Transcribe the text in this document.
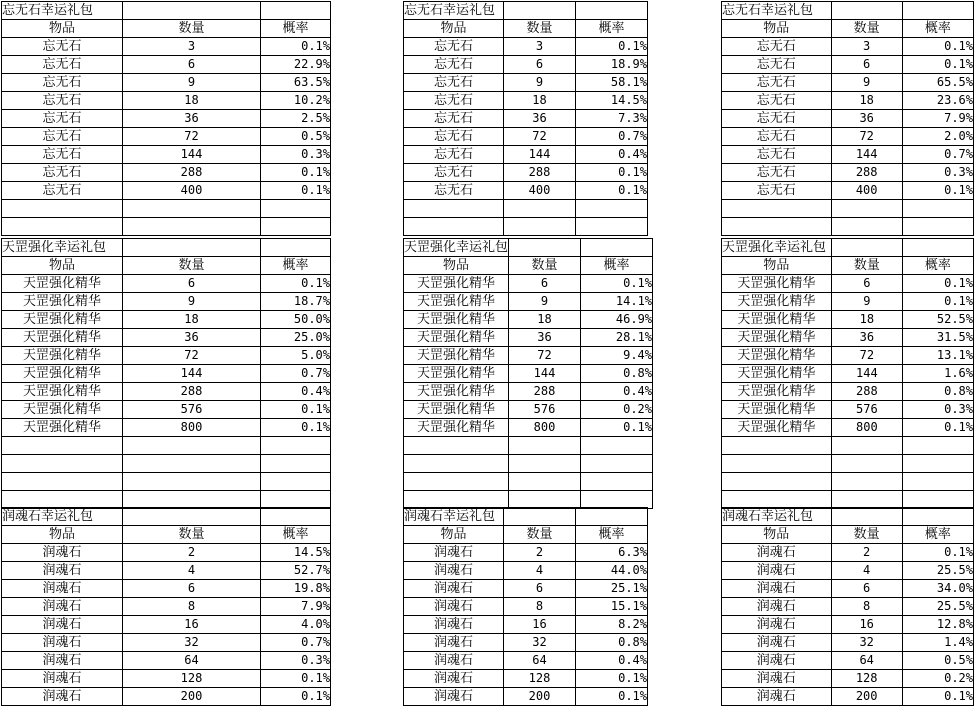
忘无石幸运礼包		
物品	数量	概率
忘无石	3	0.1%
忘无石	6	22.9%
忘无石	9	63.5%
忘无石	18	10.2%
忘无石	36	2.5%
忘无石	72	0.5%
忘无石	144	0.3%
忘无石	288	0.1%
忘无石	400	0.1%

忘无石幸运礼包		
物品	数量	概率
忘无石	3	0.1%
忘无石	6	18.9%
忘无石	9	58.1%
忘无石	18	14.5%
忘无石	36	7.3%
忘无石	72	0.7%
忘无石	144	0.4%
忘无石	288	0.1%
忘无石	400	0.1%

忘无石幸运礼包		
物品	数量	概率
忘无石	3	0.1%
忘无石	6	0.1%
忘无石	9	65.5%
忘无石	18	23.6%
忘无石	36	7.9%
忘无石	72	2.0%
忘无石	144	0.7%
忘无石	288	0.3%
忘无石	400	0.1%

天罡强化幸运礼包		
物品	数量	概率
天罡强化精华	6	0.1%
天罡强化精华	9	18.7%
天罡强化精华	18	50.0%
天罡强化精华	36	25.0%
天罡强化精华	72	5.0%
天罡强化精华	144	0.7%
天罡强化精华	288	0.4%
天罡强化精华	576	0.1%
天罡强化精华	800	0.1%

天罡强化幸运礼包		
物品	数量	概率
天罡强化精华	6	0.1%
天罡强化精华	9	14.1%
天罡强化精华	18	46.9%
天罡强化精华	36	28.1%
天罡强化精华	72	9.4%
天罡强化精华	144	0.8%
天罡强化精华	288	0.4%
天罡强化精华	576	0.2%
天罡强化精华	800	0.1%

天罡强化幸运礼包		
物品	数量	概率
天罡强化精华	6	0.1%
天罡强化精华	9	0.1%
天罡强化精华	18	52.5%
天罡强化精华	36	31.5%
天罡强化精华	72	13.1%
天罡强化精华	144	1.6%
天罡强化精华	288	0.8%
天罡强化精华	576	0.3%
天罡强化精华	800	0.1%

润魂石幸运礼包		
物品	数量	概率
润魂石	2	14.5%
润魂石	4	52.7%
润魂石	6	19.8%
润魂石	8	7.9%
润魂石	16	4.0%
润魂石	32	0.7%
润魂石	64	0.3%
润魂石	128	0.1%
润魂石	200	0.1%
润魂石幸运礼包		
物品	数量	概率
润魂石	2	6.3%
润魂石	4	44.0%
润魂石	6	25.1%
润魂石	8	15.1%
润魂石	16	8.2%
润魂石	32	0.8%
润魂石	64	0.4%
润魂石	128	0.1%
润魂石	200	0.1%
润魂石幸运礼包		
物品	数量	概率
润魂石	2	0.1%
润魂石	4	25.5%
润魂石	6	34.0%
润魂石	8	25.5%
润魂石	16	12.8%
润魂石	32	1.4%
润魂石	64	0.5%
润魂石	128	0.2%
润魂石	200	0.1%
